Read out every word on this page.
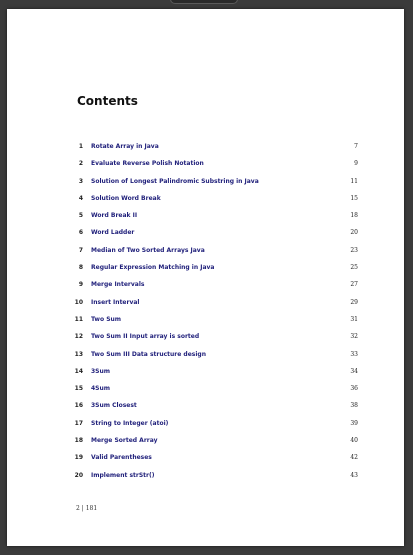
Contents
1 Rotate Array in Java	7
2 Evaluate Reverse Polish Notation	9
3 Solution of Longest Palindromic Substring in Java	11
4 Solution Word Break	15
5 Word Break II	18
6 Word Ladder	20
7 Median of Two Sorted Arrays Java	23
8 Regular Expression Matching in Java	25
9 Merge Intervals	27
10 Insert Interval	29
11 Two Sum	31
12 Two Sum II Input array is sorted	32
13 Two Sum III Data structure design	33
14 3Sum	34
15 4Sum	36
16 3Sum Closest	38
17 String to Integer (atoi)	39
18 Merge Sorted Array	40
19 Valid Parentheses	42
20 Implement strStr()	43
2 | 181
